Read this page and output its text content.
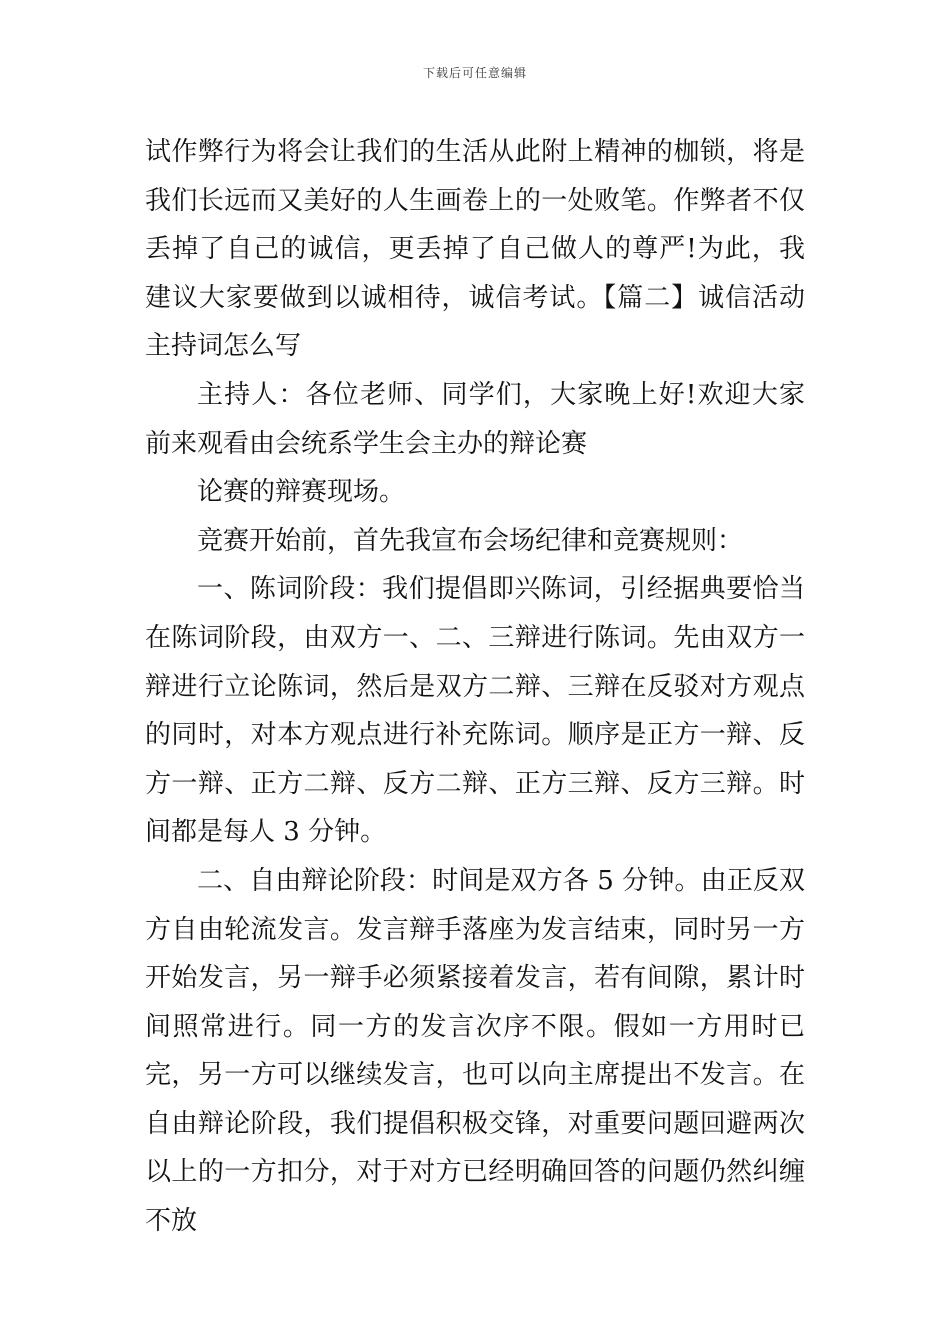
下载后可任意编辑

试作弊行为将会让我们的生活从此附上精神的枷锁，将是我们长远而又美好的人生画卷上的一处败笔。作弊者不仅丢掉了自己的诚信，更丢掉了自己做人的尊严!为此，我建议大家要做到以诚相待，诚信考试。【篇二】诚信活动主持词怎么写

主持人：各位老师、同学们，大家晚上好!欢迎大家前来观看由会统系学生会主办的辩论赛

论赛的辩赛现场。

竞赛开始前，首先我宣布会场纪律和竞赛规则：

一、陈词阶段：我们提倡即兴陈词，引经据典要恰当在陈词阶段，由双方一、二、三辩进行陈词。先由双方一辩进行立论陈词，然后是双方二辩、三辩在反驳对方观点的同时，对本方观点进行补充陈词。顺序是正方一辩、反方一辩、正方二辩、反方二辩、正方三辩、反方三辩。时间都是每人 3 分钟。

二、自由辩论阶段：时间是双方各 5 分钟。由正反双方自由轮流发言。发言辩手落座为发言结束，同时另一方开始发言，另一辩手必须紧接着发言，若有间隙，累计时间照常进行。同一方的发言次序不限。假如一方用时已完，另一方可以继续发言，也可以向主席提出不发言。在自由辩论阶段，我们提倡积极交锋，对重要问题回避两次以上的一方扣分，对于对方已经明确回答的问题仍然纠缠不放
